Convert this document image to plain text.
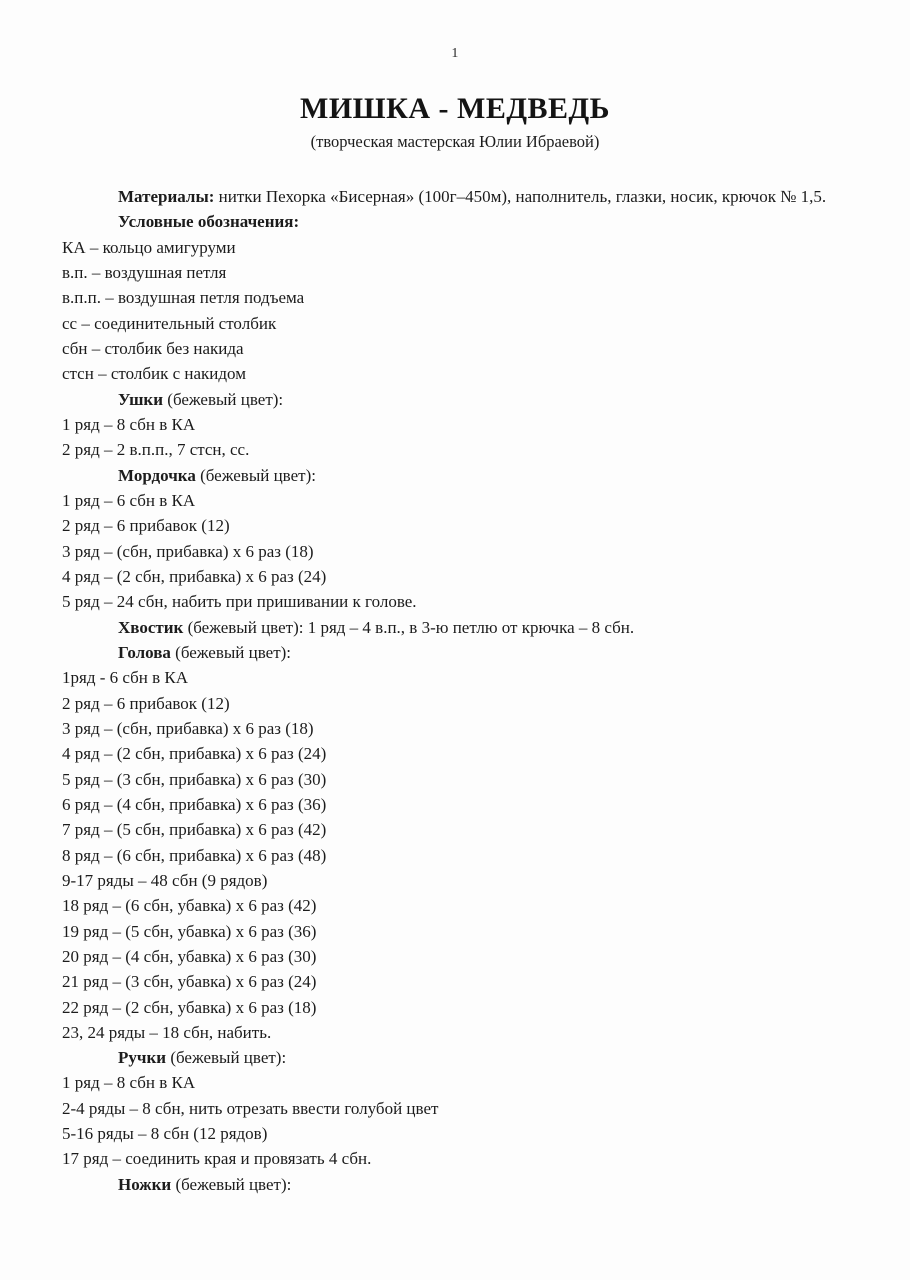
1
МИШКА - МЕДВЕДЬ
(творческая мастерская Юлии Ибраевой)

Материалы: нитки Пехорка «Бисерная» (100г–450м), наполнитель, глазки, носик, крючок № 1,5.

Условные обозначения:

КА – кольцо амигуруми

в.п. – воздушная петля

в.п.п. – воздушная петля подъема

сс – соединительный столбик

сбн – столбик без накида

стсн – столбик с накидом

Ушки (бежевый цвет):

1 ряд – 8 сбн в КА

2 ряд – 2 в.п.п., 7 стсн, сс.

Мордочка (бежевый цвет):

1 ряд – 6 сбн в КА

2 ряд – 6 прибавок (12)

3 ряд – (сбн, прибавка) х 6 раз (18)

4 ряд – (2 сбн, прибавка) х 6 раз (24)

5 ряд – 24 сбн, набить при пришивании к голове.

Хвостик (бежевый цвет): 1 ряд – 4 в.п., в 3-ю петлю от крючка – 8 сбн.

Голова (бежевый цвет):

1ряд - 6 сбн в КА

2 ряд – 6 прибавок (12)

3 ряд – (сбн, прибавка) х 6 раз (18)

4 ряд – (2 сбн, прибавка) х 6 раз (24)

5 ряд – (3 сбн, прибавка) х 6 раз (30)

6 ряд – (4 сбн, прибавка) х 6 раз (36)

7 ряд – (5 сбн, прибавка) х 6 раз (42)

8 ряд – (6 сбн, прибавка) х 6 раз (48)

9-17 ряды – 48 сбн (9 рядов)

18 ряд – (6 сбн, убавка) х 6 раз (42)

19 ряд – (5 сбн, убавка) х 6 раз (36)

20 ряд – (4 сбн, убавка) х 6 раз (30)

21 ряд – (3 сбн, убавка) х 6 раз (24)

22 ряд – (2 сбн, убавка) х 6 раз (18)

23, 24 ряды – 18 сбн, набить.

Ручки (бежевый цвет):

1 ряд – 8 сбн в КА

2-4 ряды – 8 сбн, нить отрезать ввести голубой цвет

5-16 ряды – 8 сбн (12 рядов)

17 ряд – соединить края и провязать 4 сбн.

Ножки (бежевый цвет):
